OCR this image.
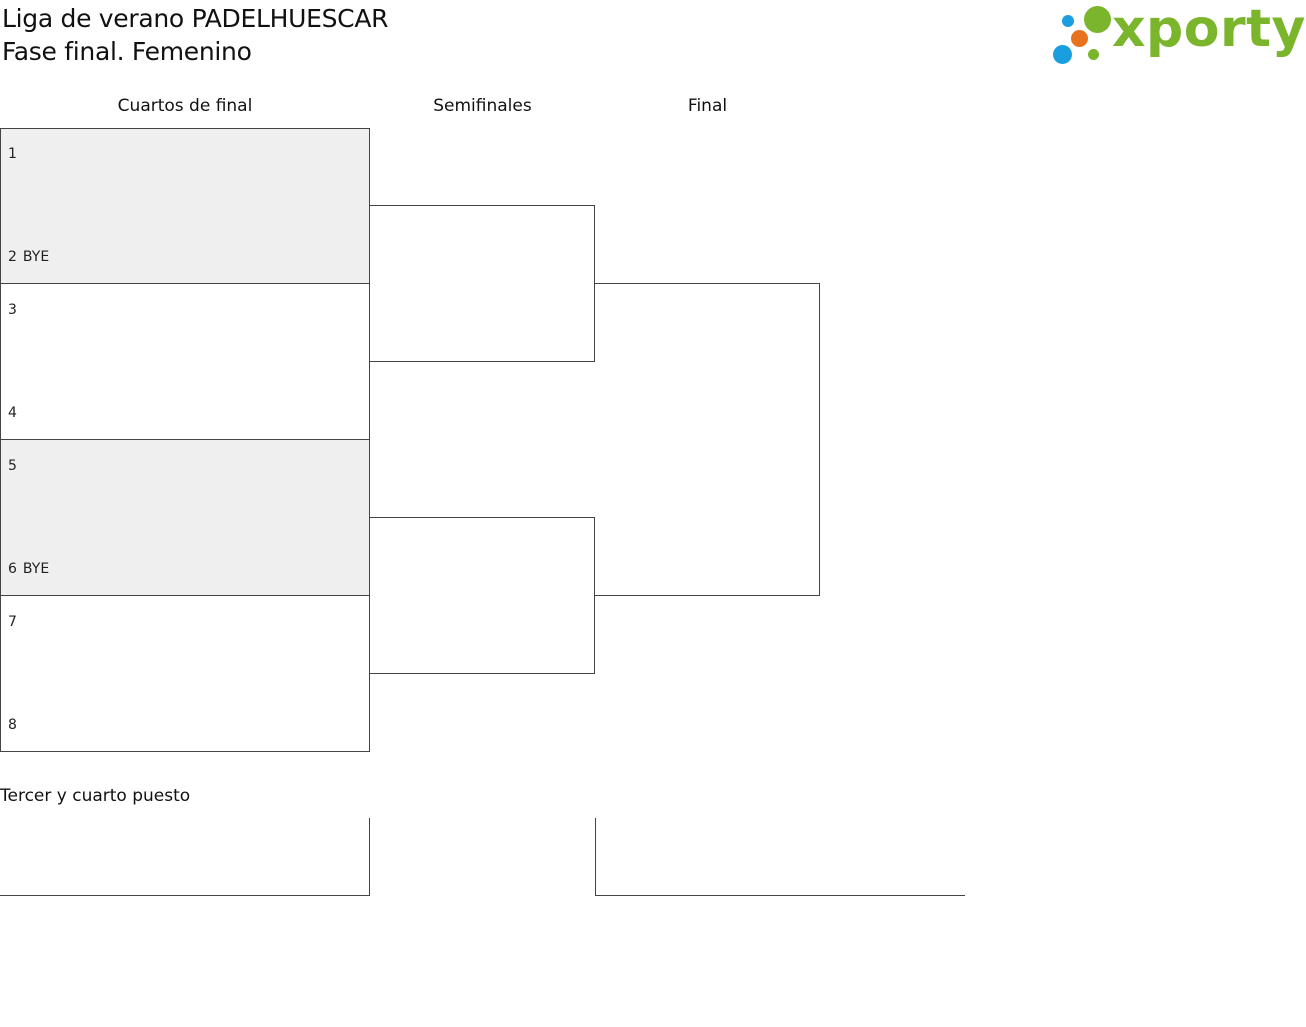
Liga de verano PADELHUESCAR
Fase final. Femenino	xporty
Cuartos de final	Semifinales	Final
1
2 BYE
3
4
5
6 BYE
7
8
Tercer y cuarto puesto
